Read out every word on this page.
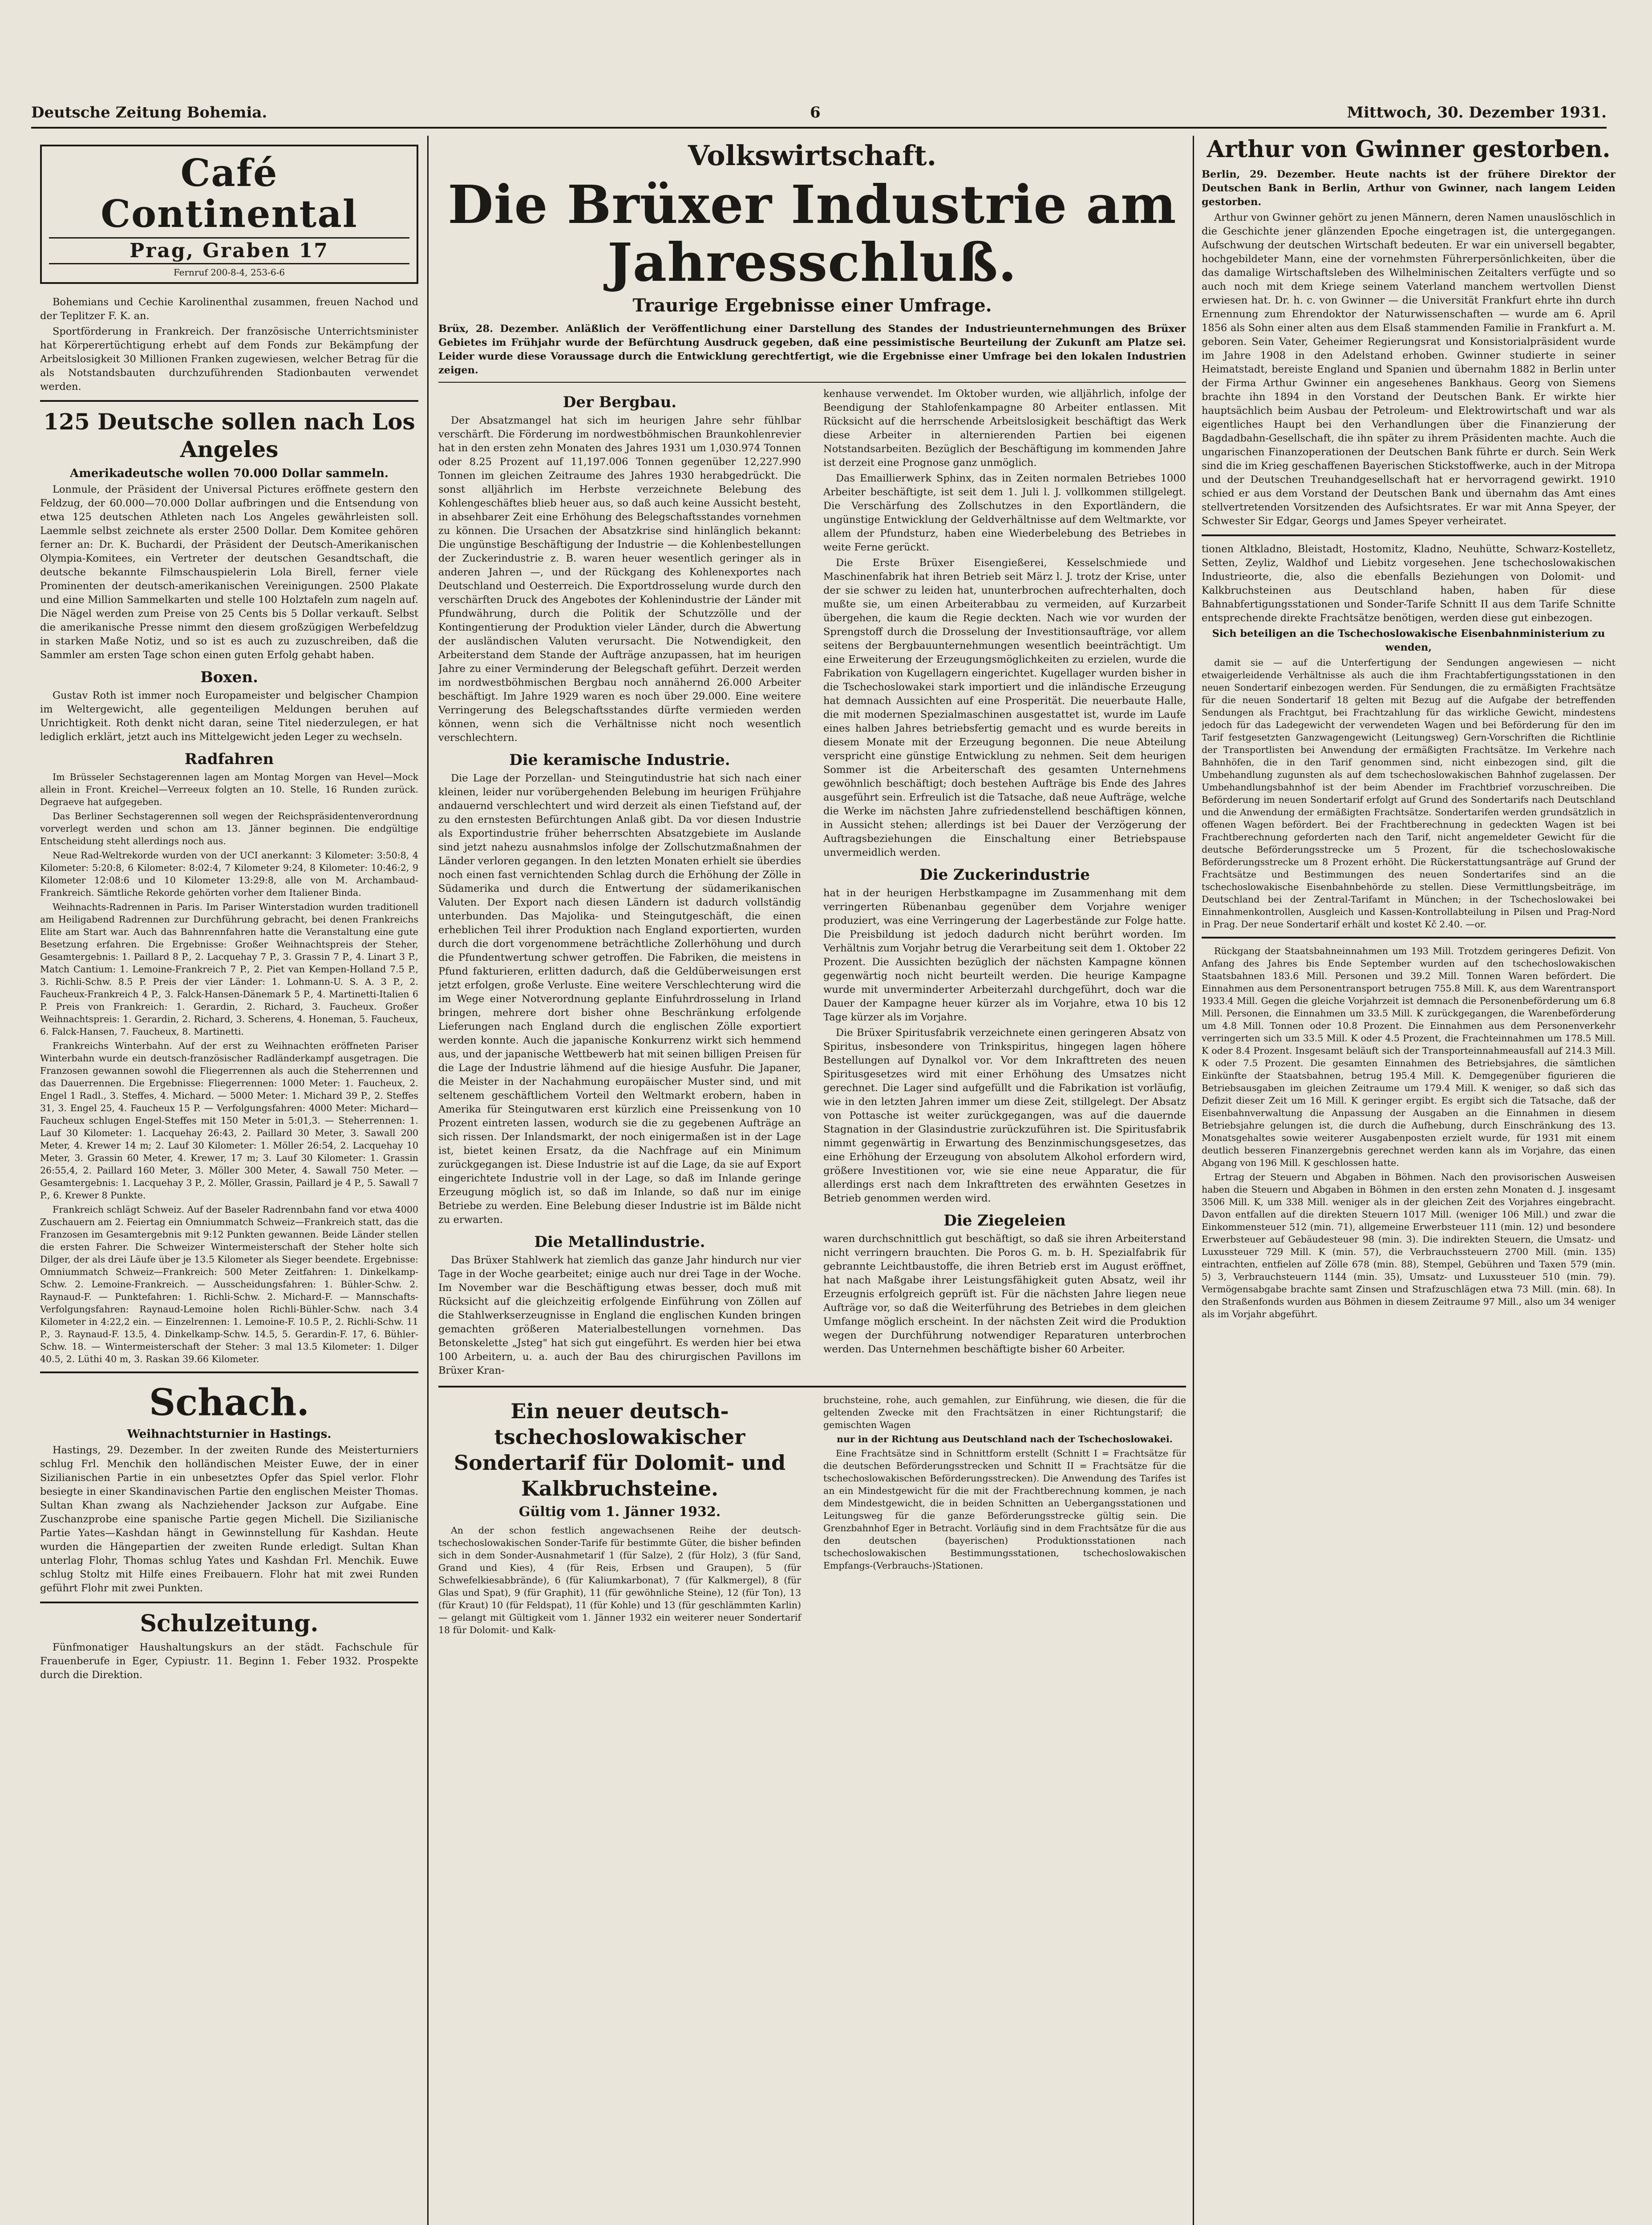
Deutsche Zeitung Bohemia.	6	Mittwoch, 30. Dezember 1931.
Café Continental
Prag, Graben 17
Fernruf 200-8-4, 253-6-6

Bohemians und Cechie Karolinenthal zusammen, freuen Nachod und der Teplitzer F. K. an.

Sportförderung in Frankreich. Der französische Unterrichtsminister hat Körperertüchtigung erhebt auf dem Fonds zur Bekämpfung der Arbeitslosigkeit 30 Millionen Franken zugewiesen, welcher Betrag für die als Notstandsbauten durchzuführenden Stadionbauten verwendet werden.

125 Deutsche sollen nach Los Angeles
Amerikadeutsche wollen 70.000 Dollar sammeln.

Lonmule, der Präsident der Universal Pictures eröffnete gestern den Feldzug, der 60.000—70.000 Dollar aufbringen und die Entsendung von etwa 125 deutschen Athleten nach Los Angeles gewährleisten soll. Laemmle selbst zeichnete als erster 2500 Dollar. Dem Komitee gehören ferner an: Dr. K. Buchardi, der Präsident der Deutsch-Amerikanischen Olympia-Komitees, ein Vertreter der deutschen Gesandtschaft, die deutsche bekannte Filmschauspielerin Lola Birell, ferner viele Prominenten der deutsch-amerikanischen Vereinigungen. 2500 Plakate und eine Million Sammelkarten und stelle 100 Holztafeln zum nageln auf. Die Nägel werden zum Preise von 25 Cents bis 5 Dollar verkauft. Selbst die amerikanische Presse nimmt den diesem großzügigen Werbefeldzug in starken Maße Notiz, und so ist es auch zu zuzuschreiben, daß die Sammler am ersten Tage schon einen guten Erfolg gehabt haben.

Boxen.

Gustav Roth ist immer noch Europameister und belgischer Champion im Weltergewicht, alle gegenteiligen Meldungen beruhen auf Unrichtigkeit. Roth denkt nicht daran, seine Titel niederzulegen, er hat lediglich erklärt, jetzt auch ins Mittelgewicht jeden Leger zu wechseln.

Radfahren

Im Brüsseler Sechstagerennen lagen am Montag Morgen van Hevel—Mock allein in Front. Kreichel—Verreeux folgten an 10. Stelle, 16 Runden zurück. Degraeve hat aufgegeben.

Das Berliner Sechstagerennen soll wegen der Reichspräsidentenverordnung vorverlegt werden und schon am 13. Jänner beginnen. Die endgültige Entscheidung steht allerdings noch aus.

Neue Rad-Weltrekorde wurden von der UCI anerkannt: 3 Kilometer: 3:50:8, 4 Kilometer: 5:20:8, 6 Kilometer: 8:02:4, 7 Kilometer 9:24, 8 Kilometer: 10:46:2, 9 Kilometer 12:08:6 und 10 Kilometer 13:29:8, alle von M. Archambaud-Frankreich. Sämtliche Rekorde gehörten vorher dem Italiener Binda.

Weihnachts-Radrennen in Paris. Im Pariser Winterstadion wurden traditionell am Heiligabend Radrennen zur Durchführung gebracht, bei denen Frankreichs Elite am Start war. Auch das Bahnrennfahren hatte die Veranstaltung eine gute Besetzung erfahren. Die Ergebnisse: Großer Weihnachtspreis der Steher, Gesamtergebnis: 1. Paillard 8 P., 2. Lacquehay 7 P., 3. Grassin 7 P., 4. Linart 3 P., Match Cantium: 1. Lemoine-Frankreich 7 P., 2. Piet van Kempen-Holland 7.5 P., 3. Richli-Schw. 8.5 P. Preis der vier Länder: 1. Lohmann-U. S. A. 3 P., 2. Faucheux-Frankreich 4 P., 3. Falck-Hansen-Dänemark 5 P., 4. Martinetti-Italien 6 P. Preis von Frankreich: 1. Gerardin, 2. Richard, 3. Faucheux. Großer Weihnachtspreis: 1. Gerardin, 2. Richard, 3. Scherens, 4. Honeman, 5. Faucheux, 6. Falck-Hansen, 7. Faucheux, 8. Martinetti.

Frankreichs Winterbahn. Auf der erst zu Weihnachten eröffneten Pariser Winterbahn wurde ein deutsch-französischer Radländerkampf ausgetragen. Die Franzosen gewannen sowohl die Fliegerrennen als auch die Steherrennen und das Dauerrennen. Die Ergebnisse: Fliegerrennen: 1000 Meter: 1. Faucheux, 2. Engel 1 Radl., 3. Steffes, 4. Michard. — 5000 Meter: 1. Michard 39 P., 2. Steffes 31, 3. Engel 25, 4. Faucheux 15 P. — Verfolgungsfahren: 4000 Meter: Michard—Faucheux schlugen Engel-Steffes mit 150 Meter in 5:01,3. — Steherrennen: 1. Lauf 30 Kilometer: 1. Lacquehay 26:43, 2. Paillard 30 Meter, 3. Sawall 200 Meter, 4. Krewer 14 m; 2. Lauf 30 Kilometer: 1. Möller 26:54, 2. Lacquehay 10 Meter, 3. Grassin 60 Meter, 4. Krewer, 17 m; 3. Lauf 30 Kilometer: 1. Grassin 26:55,4, 2. Paillard 160 Meter, 3. Möller 300 Meter, 4. Sawall 750 Meter. — Gesamtergebnis: 1. Lacquehay 3 P., 2. Möller, Grassin, Paillard je 4 P., 5. Sawall 7 P., 6. Krewer 8 Punkte.

Frankreich schlägt Schweiz. Auf der Baseler Radrennbahn fand vor etwa 4000 Zuschauern am 2. Feiertag ein Omniummatch Schweiz—Frankreich statt, das die Franzosen im Gesamtergebnis mit 9:12 Punkten gewannen. Beide Länder stellen die ersten Fahrer. Die Schweizer Wintermeisterschaft der Steher holte sich Dilger, der als drei Läufe über je 13.5 Kilometer als Sieger beendete. Ergebnisse: Omniummatch Schweiz—Frankreich: 500 Meter Zeitfahren: 1. Dinkelkamp-Schw. 2. Lemoine-Frankreich. — Ausscheidungsfahren: 1. Bühler-Schw. 2. Raynaud-F. — Punktefahren: 1. Richli-Schw. 2. Michard-F. — Mannschafts-Verfolgungsfahren: Raynaud-Lemoine holen Richli-Bühler-Schw. nach 3.4 Kilometer in 4:22,2 ein. — Einzelrennen: 1. Lemoine-F. 10.5 P., 2. Richli-Schw. 11 P., 3. Raynaud-F. 13.5, 4. Dinkelkamp-Schw. 14.5, 5. Gerardin-F. 17, 6. Bühler-Schw. 18. — Wintermeisterschaft der Steher: 3 mal 13.5 Kilometer: 1. Dilger 40.5, 2. Lüthi 40 m, 3. Raskan 39.66 Kilometer.

Schach.
Weihnachtsturnier in Hastings.

Hastings, 29. Dezember. In der zweiten Runde des Meisterturniers schlug Frl. Menchik den holländischen Meister Euwe, der in einer Sizilianischen Partie in ein unbesetztes Opfer das Spiel verlor. Flohr besiegte in einer Skandinavischen Partie den englischen Meister Thomas. Sultan Khan zwang als Nachziehender Jackson zur Aufgabe. Eine Zuschanzprobe eine spanische Partie gegen Michell. Die Sizilianische Partie Yates—Kashdan hängt in Gewinnstellung für Kashdan. Heute wurden die Hängepartien der zweiten Runde erledigt. Sultan Khan unterlag Flohr, Thomas schlug Yates und Kashdan Frl. Menchik. Euwe schlug Stoltz mit Hilfe eines Freibauern. Flohr hat mit zwei Runden geführt Flohr mit zwei Punkten.

Schulzeitung.

Fünfmonatiger Haushaltungskurs an der städt. Fachschule für Frauenberufe in Eger, Cypiustr. 11. Beginn 1. Feber 1932. Prospekte durch die Direktion.

Volkswirtschaft.
Die Brüxer Industrie am Jahresschluß.
Traurige Ergebnisse einer Umfrage.

Brüx, 28. Dezember. Anläßlich der Veröffentlichung einer Darstellung des Standes der Industrieunternehmungen des Brüxer Gebietes im Frühjahr wurde der Befürchtung Ausdruck gegeben, daß eine pessimistische Beurteilung der Zukunft am Platze sei. Leider wurde diese Voraussage durch die Entwicklung gerechtfertigt, wie die Ergebnisse einer Umfrage bei den lokalen Industrien zeigen.

Der Bergbau.

Der Absatzmangel hat sich im heurigen Jahre sehr fühlbar verschärft. Die Förderung im nordwestböhmischen Braunkohlenrevier hat in den ersten zehn Monaten des Jahres 1931 um 1,030.974 Tonnen oder 8.25 Prozent auf 11,197.006 Tonnen gegenüber 12,227.990 Tonnen im gleichen Zeitraume des Jahres 1930 herabgedrückt. Die sonst alljährlich im Herbste verzeichnete Belebung des Kohlengeschäftes blieb heuer aus, so daß auch keine Aussicht besteht, in absehbarer Zeit eine Erhöhung des Belegschaftsstandes vornehmen zu können. Die Ursachen der Absatzkrise sind hinlänglich bekannt: Die ungünstige Beschäftigung der Industrie — die Kohlenbestellungen der Zuckerindustrie z. B. waren heuer wesentlich geringer als in anderen Jahren —, und der Rückgang des Kohlenexportes nach Deutschland und Oesterreich. Die Exportdrosselung wurde durch den verschärften Druck des Angebotes der Kohlenindustrie der Länder mit Pfundwährung, durch die Politik der Schutzzölle und der Kontingentierung der Produktion vieler Länder, durch die Abwertung der ausländischen Valuten verursacht. Die Notwendigkeit, den Arbeiterstand dem Stande der Aufträge anzupassen, hat im heurigen Jahre zu einer Verminderung der Belegschaft geführt. Derzeit werden im nordwestböhmischen Bergbau noch annähernd 26.000 Arbeiter beschäftigt. Im Jahre 1929 waren es noch über 29.000. Eine weitere Verringerung des Belegschaftsstandes dürfte vermieden werden können, wenn sich die Verhältnisse nicht noch wesentlich verschlechtern.

Die keramische Industrie.

Die Lage der Porzellan- und Steingutindustrie hat sich nach einer kleinen, leider nur vorübergehenden Belebung im heurigen Frühjahre andauernd verschlechtert und wird derzeit als einen Tiefstand auf, der zu den ernstesten Befürchtungen Anlaß gibt. Da vor diesen Industrie als Exportindustrie früher beherrschten Absatzgebiete im Auslande sind jetzt nahezu ausnahmslos infolge der Zollschutzmaßnahmen der Länder verloren gegangen. In den letzten Monaten erhielt sie überdies noch einen fast vernichtenden Schlag durch die Erhöhung der Zölle in Südamerika und durch die Entwertung der südamerikanischen Valuten. Der Export nach diesen Ländern ist dadurch vollständig unterbunden. Das Majolika- und Steingutgeschäft, die einen erheblichen Teil ihrer Produktion nach England exportierten, wurden durch die dort vorgenommene beträchtliche Zollerhöhung und durch die Pfundentwertung schwer getroffen. Die Fabriken, die meistens in Pfund fakturieren, erlitten dadurch, daß die Geldüberweisungen erst jetzt erfolgen, große Verluste. Eine weitere Verschlechterung wird die im Wege einer Notverordnung geplante Einfuhrdrosselung in Irland bringen, mehrere dort bisher ohne Beschränkung erfolgende Lieferungen nach England durch die englischen Zölle exportiert werden konnte. Auch die japanische Konkurrenz wirkt sich hemmend aus, und der japanische Wettbewerb hat mit seinen billigen Preisen für die Lage der Industrie lähmend auf die hiesige Ausfuhr. Die Japaner, die Meister in der Nachahmung europäischer Muster sind, und mit seltenem geschäftlichem Vorteil den Weltmarkt erobern, haben in Amerika für Steingutwaren erst kürzlich eine Preissenkung von 10 Prozent eintreten lassen, wodurch sie die zu gegebenen Aufträge an sich rissen. Der Inlandsmarkt, der noch einigermaßen ist in der Lage ist, bietet keinen Ersatz, da die Nachfrage auf ein Minimum zurückgegangen ist. Diese Industrie ist auf die Lage, da sie auf Export eingerichtete Industrie voll in der Lage, so daß im Inlande geringe Erzeugung möglich ist, so daß im Inlande, so daß nur im einige Betriebe zu werden. Eine Belebung dieser Industrie ist im Bälde nicht zu erwarten.

Die Metallindustrie.

Das Brüxer Stahlwerk hat ziemlich das ganze Jahr hindurch nur vier Tage in der Woche gearbeitet; einige auch nur drei Tage in der Woche. Im November war die Beschäftigung etwas besser, doch muß mit Rücksicht auf die gleichzeitig erfolgende Einführung von Zöllen auf die Stahlwerkserzeugnisse in England die englischen Kunden bringen gemachten größeren Materialbestellungen vornehmen. Das Betonskelette „Jsteg" hat sich gut eingeführt. Es werden hier bei etwa 100 Arbeitern, u. a. auch der Bau des chirurgischen Pavillons im Brüxer Kran-

kenhause verwendet. Im Oktober wurden, wie alljährlich, infolge der Beendigung der Stahlofenkampagne 80 Arbeiter entlassen. Mit Rücksicht auf die herrschende Arbeitslosigkeit beschäftigt das Werk diese Arbeiter in alternierenden Partien bei eigenen Notstandsarbeiten. Bezüglich der Beschäftigung im kommenden Jahre ist derzeit eine Prognose ganz unmöglich.

Das Emaillierwerk Sphinx, das in Zeiten normalen Betriebes 1000 Arbeiter beschäftigte, ist seit dem 1. Juli l. J. vollkommen stillgelegt. Die Verschärfung des Zollschutzes in den Exportländern, die ungünstige Entwicklung der Geldverhältnisse auf dem Weltmarkte, vor allem der Pfundsturz, haben eine Wiederbelebung des Betriebes in weite Ferne gerückt.

Die Erste Brüxer Eisengießerei, Kesselschmiede und Maschinenfabrik hat ihren Betrieb seit März l. J. trotz der Krise, unter der sie schwer zu leiden hat, ununterbrochen aufrechterhalten, doch mußte sie, um einen Arbeiterabbau zu vermeiden, auf Kurzarbeit übergehen, die kaum die Regie deckten. Nach wie vor wurden der Sprengstoff durch die Drosselung der Investitionsaufträge, vor allem seitens der Bergbauunternehmungen wesentlich beeinträchtigt. Um eine Erweiterung der Erzeugungsmöglichkeiten zu erzielen, wurde die Fabrikation von Kugellagern eingerichtet. Kugellager wurden bisher in die Tschechoslowakei stark importiert und die inländische Erzeugung hat demnach Aussichten auf eine Prosperität. Die neuerbaute Halle, die mit modernen Spezialmaschinen ausgestattet ist, wurde im Laufe eines halben Jahres betriebsfertig gemacht und es wurde bereits in diesem Monate mit der Erzeugung begonnen. Die neue Abteilung verspricht eine günstige Entwicklung zu nehmen. Seit dem heurigen Sommer ist die Arbeiterschaft des gesamten Unternehmens gewöhnlich beschäftigt; doch bestehen Aufträge bis Ende des Jahres ausgeführt sein. Erfreulich ist die Tatsache, daß neue Aufträge, welche die Werke im nächsten Jahre zufriedenstellend beschäftigen können, in Aussicht stehen; allerdings ist bei Dauer der Verzögerung der Auftragsbeziehungen die Einschaltung einer Betriebspause unvermeidlich werden.

Die Zuckerindustrie

hat in der heurigen Herbstkampagne im Zusammenhang mit dem verringerten Rübenanbau gegenüber dem Vorjahre weniger produziert, was eine Verringerung der Lagerbestände zur Folge hatte. Die Preisbildung ist jedoch dadurch nicht berührt worden. Im Verhältnis zum Vorjahr betrug die Verarbeitung seit dem 1. Oktober 22 Prozent. Die Aussichten bezüglich der nächsten Kampagne können gegenwärtig noch nicht beurteilt werden. Die heurige Kampagne wurde mit unverminderter Arbeiterzahl durchgeführt, doch war die Dauer der Kampagne heuer kürzer als im Vorjahre, etwa 10 bis 12 Tage kürzer als im Vorjahre.

Die Brüxer Spiritusfabrik verzeichnete einen geringeren Absatz von Spiritus, insbesondere von Trinkspiritus, hingegen lagen höhere Bestellungen auf Dynalkol vor. Vor dem Inkrafttreten des neuen Spiritusgesetzes wird mit einer Erhöhung des Umsatzes nicht gerechnet. Die Lager sind aufgefüllt und die Fabrikation ist vorläufig, wie in den letzten Jahren immer um diese Zeit, stillgelegt. Der Absatz von Pottasche ist weiter zurückgegangen, was auf die dauernde Stagnation in der Glasindustrie zurückzuführen ist. Die Spiritusfabrik nimmt gegenwärtig in Erwartung des Benzinmischungsgesetzes, das eine Erhöhung der Erzeugung von absolutem Alkohol erfordern wird, größere Investitionen vor, wie sie eine neue Apparatur, die für allerdings erst nach dem Inkrafttreten des erwähnten Gesetzes in Betrieb genommen werden wird.

Die Ziegeleien

waren durchschnittlich gut beschäftigt, so daß sie ihren Arbeiterstand nicht verringern brauchten. Die Poros G. m. b. H. Spezialfabrik für gebrannte Leichtbaustoffe, die ihren Betrieb erst im August eröffnet, hat nach Maßgabe ihrer Leistungsfähigkeit guten Absatz, weil ihr Erzeugnis erfolgreich geprüft ist. Für die nächsten Jahre liegen neue Aufträge vor, so daß die Weiterführung des Betriebes in dem gleichen Umfange möglich erscheint. In der nächsten Zeit wird die Produktion wegen der Durchführung notwendiger Reparaturen unterbrochen werden. Das Unternehmen beschäftigte bisher 60 Arbeiter.

Ein neuer deutsch-tschechoslowakischer Sondertarif für Dolomit- und Kalkbruchsteine.
Gültig vom 1. Jänner 1932.

An der schon festlich angewachsenen Reihe der deutsch-tschechoslowakischen Sonder-Tarife für bestimmte Güter, die bisher befinden sich in dem Sonder-Ausnahmetarif 1 (für Salze), 2 (für Holz), 3 (für Sand, Grand und Kies), 4 (für Reis, Erbsen und Graupen), 5 (für Schwefelkiesabbrände), 6 (für Kaliumkarbonat), 7 (für Kalkmergel), 8 (für Glas und Spat), 9 (für Graphit), 11 (für gewöhnliche Steine), 12 (für Ton), 13 (für Kraut) 10 (für Feldspat), 11 (für Kohle) und 13 (für geschlämmten Karlin) — gelangt mit Gültigkeit vom 1. Jänner 1932 ein weiterer neuer Sondertarif 18 für Dolomit- und Kalk-

bruchsteine, rohe, auch gemahlen, zur Einführung, wie diesen, die für die geltenden Zwecke mit den Frachtsätzen in einer Richtungstarif; die gemischten Wagen

nur in der Richtung aus Deutschland nach der Tschechoslowakei.

Eine Frachtsätze sind in Schnittform erstellt (Schnitt I = Frachtsätze für die deutschen Beförderungsstrecken und Schnitt II = Frachtsätze für die tschechoslowakischen Beförderungsstrecken). Die Anwendung des Tarifes ist an ein Mindestgewicht für die mit der Frachtberechnung kommen, je nach dem Mindestgewicht, die in beiden Schnitten an Uebergangsstationen und Leitungsweg für die ganze Beförderungsstrecke gültig sein. Die Grenzbahnhof Eger in Betracht. Vorläufig sind in dem Frachtsätze für die aus den deutschen (bayerischen) Produktionsstationen nach tschechoslowakischen Bestimmungsstationen, tschechoslowakischen Empfangs-(Verbrauchs-)Stationen.

Arthur von Gwinner gestorben.

Berlin, 29. Dezember. Heute nachts ist der frühere Direktor der Deutschen Bank in Berlin, Arthur von Gwinner, nach langem Leiden gestorben.

Arthur von Gwinner gehört zu jenen Männern, deren Namen unauslöschlich in die Geschichte jener glänzenden Epoche eingetragen ist, die untergegangen. Aufschwung der deutschen Wirtschaft bedeuten. Er war ein universell begabter, hochgebildeter Mann, eine der vornehmsten Führerpersönlichkeiten, über die das damalige Wirtschaftsleben des Wilhelminischen Zeitalters verfügte und so auch noch mit dem Kriege seinem Vaterland manchem wertvollen Dienst erwiesen hat. Dr. h. c. von Gwinner — die Universität Frankfurt ehrte ihn durch Ernennung zum Ehrendoktor der Naturwissenschaften — wurde am 6. April 1856 als Sohn einer alten aus dem Elsaß stammenden Familie in Frankfurt a. M. geboren. Sein Vater, Geheimer Regierungsrat und Konsistorialpräsident wurde im Jahre 1908 in den Adelstand erhoben. Gwinner studierte in seiner Heimatstadt, bereiste England und Spanien und übernahm 1882 in Berlin unter der Firma Arthur Gwinner ein angesehenes Bankhaus. Georg von Siemens brachte ihn 1894 in den Vorstand der Deutschen Bank. Er wirkte hier hauptsächlich beim Ausbau der Petroleum- und Elektrowirtschaft und war als eigentliches Haupt bei den Verhandlungen über die Finanzierung der Bagdadbahn-Gesellschaft, die ihn später zu ihrem Präsidenten machte. Auch die ungarischen Finanzoperationen der Deutschen Bank führte er durch. Sein Werk sind die im Krieg geschaffenen Bayerischen Stickstoffwerke, auch in der Mitropa und der Deutschen Treuhandgesellschaft hat er hervorragend gewirkt. 1910 schied er aus dem Vorstand der Deutschen Bank und übernahm das Amt eines stellvertretenden Vorsitzenden des Aufsichtsrates. Er war mit Anna Speyer, der Schwester Sir Edgar, Georgs und James Speyer verheiratet.

tionen Altkladno, Bleistadt, Hostomitz, Kladno, Neuhütte, Schwarz-Kostelletz, Setten, Zeyliz, Waldhof und Liebitz vorgesehen. Jene tschechoslowakischen Industrieorte, die, also die ebenfalls Beziehungen von Dolomit- und Kalkbruchsteinen aus Deutschland haben, haben für diese Bahnabfertigungsstationen und Sonder-Tarife Schnitt II aus dem Tarife Schnitte entsprechende direkte Frachtsätze benötigen, werden diese gut einbezogen.

Sich beteiligen an die Tschechoslowakische Eisenbahnministerium zu wenden,

damit sie — auf die Unterfertigung der Sendungen angewiesen — nicht etwaigerleidende Verhältnisse als auch die ihm Frachtabfertigungsstationen in den neuen Sondertarif einbezogen werden. Für Sendungen, die zu ermäßigten Frachtsätze für die neuen Sondertarif 18 gelten mit Bezug auf die Aufgabe der betreffenden Sendungen als Frachtgut, bei Frachtzahlung für das wirkliche Gewicht, mindestens jedoch für das Ladegewicht der verwendeten Wagen und bei Beförderung für den im Tarif festgesetzten Ganzwagengewicht (Leitungsweg) Gern-Vorschriften die Richtlinie der Transportlisten bei Anwendung der ermäßigten Frachtsätze. Im Verkehre nach Bahnhöfen, die in den Tarif genommen sind, nicht einbezogen sind, gilt die Umbehandlung zugunsten als auf dem tschechoslowakischen Bahnhof zugelassen. Der Umbehandlungsbahnhof ist der beim Abender im Frachtbrief vorzuschreiben. Die Beförderung im neuen Sondertarif erfolgt auf Grund des Sondertarifs nach Deutschland und die Anwendung der ermäßigten Frachtsätze. Sondertarifen werden grundsätzlich in offenen Wagen befördert. Bei der Frachtberechnung in gedeckten Wagen ist bei Frachtberechnung geforderten nach den Tarif, nicht angemeldeter Gewicht für die deutsche Beförderungsstrecke um 5 Prozent, für die tschechoslowakische Beförderungsstrecke um 8 Prozent erhöht. Die Rückerstattungsanträge auf Grund der Frachtsätze und Bestimmungen des neuen Sondertarifes sind an die tschechoslowakische Eisenbahnbehörde zu stellen. Diese Vermittlungsbeiträge, im Deutschland bei der Zentral-Tarifamt in München; in der Tschechoslowakei bei Einnahmenkontrollen, Ausgleich und Kassen-Kontrollabteilung in Pilsen und Prag-Nord in Prag. Der neue Sondertarif erhält und kostet Kč 2.40. —or.

Rückgang der Staatsbahneinnahmen um 193 Mill. Trotzdem geringeres Defizit. Von Anfang des Jahres bis Ende September wurden auf den tschechoslowakischen Staatsbahnen 183.6 Mill. Personen und 39.2 Mill. Tonnen Waren befördert. Die Einnahmen aus dem Personentransport betrugen 755.8 Mill. K, aus dem Warentransport 1933.4 Mill. Gegen die gleiche Vorjahrzeit ist demnach die Personenbeförderung um 6.8 Mill. Personen, die Einnahmen um 33.5 Mill. K zurückgegangen, die Warenbeförderung um 4.8 Mill. Tonnen oder 10.8 Prozent. Die Einnahmen aus dem Personenverkehr verringerten sich um 33.5 Mill. K oder 4.5 Prozent, die Frachteinnahmen um 178.5 Mill. K oder 8.4 Prozent. Insgesamt beläuft sich der Transporteinnahmeausfall auf 214.3 Mill. K oder 7.5 Prozent. Die gesamten Einnahmen des Betriebsjahres, die sämtlichen Einkünfte der Staatsbahnen, betrug 195.4 Mill. K. Demgegenüber figurieren die Betriebsausgaben im gleichen Zeitraume um 179.4 Mill. K weniger, so daß sich das Defizit dieser Zeit um 16 Mill. K geringer ergibt. Es ergibt sich die Tatsache, daß der Eisenbahnverwaltung die Anpassung der Ausgaben an die Einnahmen in diesem Betriebsjahre gelungen ist, die durch die Aufhebung, durch Einschränkung des 13. Monatsgehaltes sowie weiterer Ausgabenposten erzielt wurde, für 1931 mit einem deutlich besseren Finanzergebnis gerechnet werden kann als im Vorjahre, das einen Abgang von 196 Mill. K geschlossen hatte.

Ertrag der Steuern und Abgaben in Böhmen. Nach den provisorischen Ausweisen haben die Steuern und Abgaben in Böhmen in den ersten zehn Monaten d. J. insgesamt 3506 Mill. K, um 338 Mill. weniger als in der gleichen Zeit des Vorjahres eingebracht. Davon entfallen auf die direkten Steuern 1017 Mill. (weniger 106 Mill.) und zwar die Einkommensteuer 512 (min. 71), allgemeine Erwerbsteuer 111 (min. 12) und besondere Erwerbsteuer auf Gebäudesteuer 98 (min. 3). Die indirekten Steuern, die Umsatz- und Luxussteuer 729 Mill. K (min. 57), die Verbrauchssteuern 2700 Mill. (min. 135) eintrachten, entfielen auf Zölle 678 (min. 88), Stempel, Gebühren und Taxen 579 (min. 5) 3, Verbrauchsteuern 1144 (min. 35), Umsatz- und Luxussteuer 510 (min. 79). Vermögensabgabe brachte samt Zinsen und Strafzuschlägen etwa 73 Mill. (min. 68). In den Straßenfonds wurden aus Böhmen in diesem Zeitraume 97 Mill., also um 34 weniger als im Vorjahr abgeführt.
